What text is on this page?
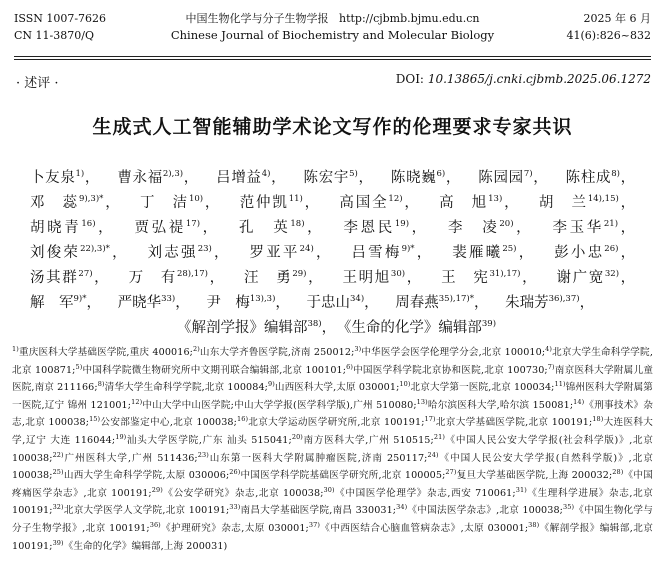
ISSN 1007-7626
CN 11-3870/Q
中国生物化学与分子生物学报 http://cjbmb.bjmu.edu.cn
Chinese Journal of Biochemistry and Molecular Biology
2025 年 6 月
41(6):826~832
· 述评 ·	DOI: 10.13865/j.cnki.cjbmb.2025.06.1272
生成式人工智能辅助学术论文写作的伦理要求专家共识
卜友泉$^{1)}$， 曹永福$^{2),3)}$， 吕增益$^{4)}$， 陈宏宇$^{5)}$， 陈晓巍$^{6)}$， 陈园园$^{7)}$， 陈柱成$^{8)}$， 邓　蕊$^{9),3)*}$， 丁　洁$^{10)}$， 范仲凯$^{11)}$， 高国全$^{12)}$， 高　旭$^{13)}$， 胡　兰$^{14),15)}$， 胡晓青$^{16)}$， 贾弘禔$^{17)}$， 孔　英$^{18)}$， 李恩民$^{19)}$， 李　凌$^{20)}$， 李玉华$^{21)}$， 刘俊荣$^{22),3)*}$， 刘志强$^{23)}$， 罗亚平$^{24)}$， 吕雪梅$^{9)*}$， 裴雁曦$^{25)}$， 彭小忠$^{26)}$， 汤其群$^{27)}$， 万　有$^{28),17)}$， 汪　勇$^{29)}$， 王明旭$^{30)}$， 王　宪$^{31),17)}$， 谢广宽$^{32)}$， 解　军$^{9)*}$， 严晓华$^{33)}$， 尹　梅$^{13),3)}$， 于忠山$^{34)}$， 周春燕$^{35),17)*}$， 朱瑞芳$^{36),37)}$，
《解剖学报》编辑部$^{38)}$， 《生命的化学》编辑部$^{39)}$
$^{1)}$重庆医科大学基础医学院,重庆 400016;$^{2)}$山东大学齐鲁医学院,济南 250012;$^{3)}$中华医学会医学伦理学分会,北京 100010;$^{4)}$北京大学生命科学学院,北京 100871;$^{5)}$中国科学院微生物研究所中文期刊联合编辑部,北京 100101;$^{6)}$中国医学科学院北京协和医院,北京 100730;$^{7)}$南京医科大学附属儿童医院,南京 211166;$^{8)}$清华大学生命科学学院,北京 100084;$^{9)}$山西医科大学,太原 030001;$^{10)}$北京大学第一医院,北京 100034;$^{11)}$锦州医科大学附属第一医院,辽宁 锦州 121001;$^{12)}$中山大学中山医学院;中山大学学报(医学科学版),广州 510080;$^{13)}$哈尔滨医科大学,哈尔滨 150081;$^{14)}$《刑事技术》杂志,北京 100038;$^{15)}$公安部鉴定中心,北京 100038;$^{16)}$北京大学运动医学研究所,北京 100191;$^{17)}$北京大学基础医学院,北京 100191;$^{18)}$大连医科大学,辽宁 大连 116044;$^{19)}$汕头大学医学院,广东 汕头 515041;$^{20)}$南方医科大学,广州 510515;$^{21)}$《中国人民公安大学学报(社会科学版)》,北京 100038;$^{22)}$广州医科大学,广州 511436;$^{23)}$山东第一医科大学附属肿瘤医院,济南 250117;$^{24)}$《中国人民公安大学学报(自然科学版)》,北京 100038;$^{25)}$山西大学生命科学学院,太原 030006;$^{26)}$中国医学科学院基础医学研究所,北京 100005;$^{27)}$复旦大学基础医学院,上海 200032;$^{28)}$《中国疼痛医学杂志》,北京 100191;$^{29)}$《公安学研究》杂志,北京 100038;$^{30)}$《中国医学伦理学》杂志,西安 710061;$^{31)}$《生理科学进展》杂志,北京 100191;$^{32)}$北京大学医学人文学院,北京 100191;$^{33)}$南昌大学基础医学院,南昌 330031;$^{34)}$《中国法医学杂志》,北京 100038;$^{35)}$《中国生物化学与分子生物学报》,北京 100191;$^{36)}$《护理研究》杂志,太原 030001;$^{37)}$《中西医结合心脑血管病杂志》,太原 030001;$^{38)}$《解剖学报》编辑部,北京 100191;$^{39)}$《生命的化学》编辑部,上海 200031)
